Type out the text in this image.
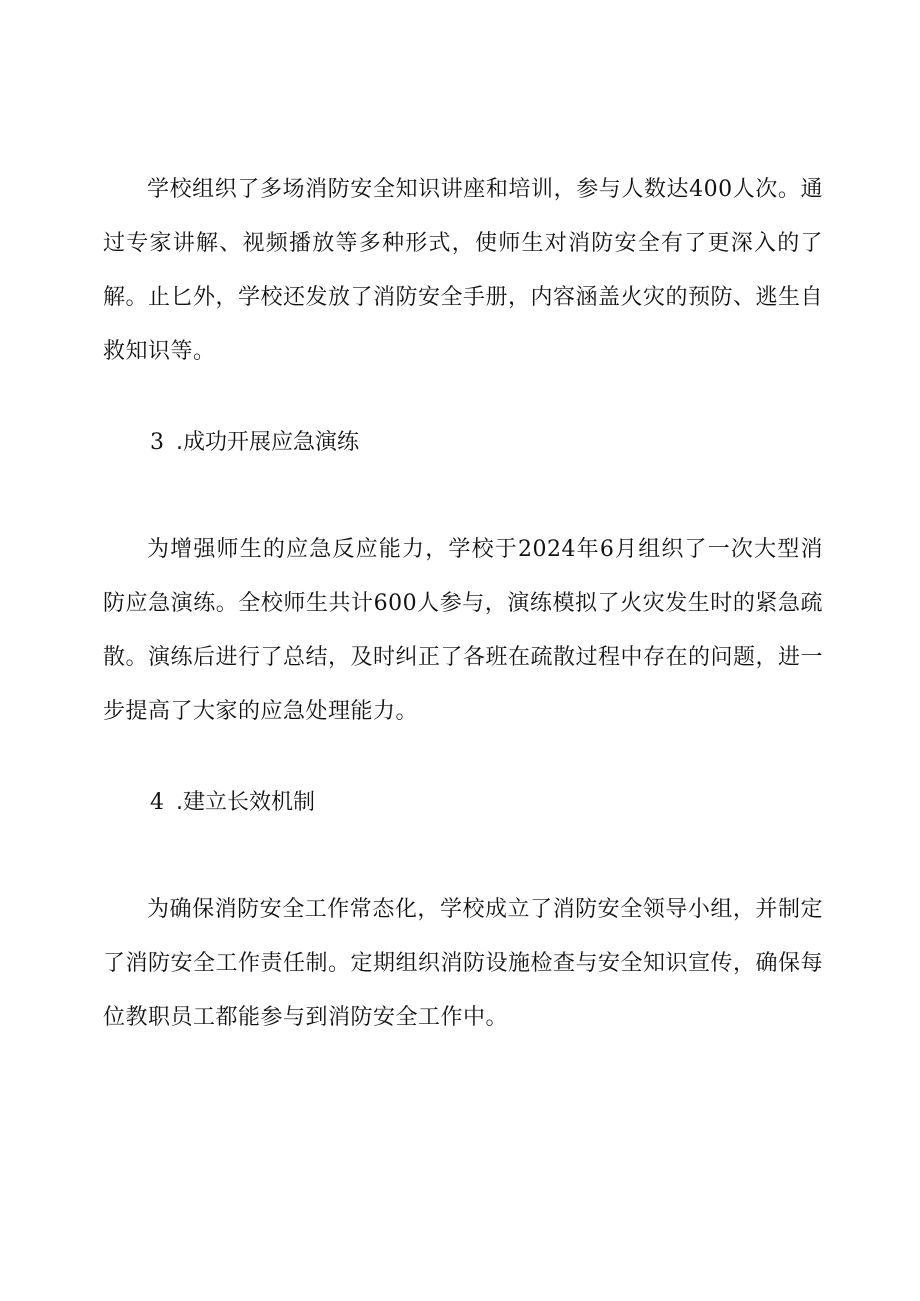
学校组织了多场消防安全知识讲座和培训，参与人数达400人次。通过专家讲解、视频播放等多种形式，使师生对消防安全有了更深入的了解。止匕外，学校还发放了消防安全手册，内容涵盖火灾的预防、逃生自救知识等。

3 .成功开展应急演练

为增强师生的应急反应能力，学校于2024年6月组织了一次大型消防应急演练。全校师生共计600人参与，演练模拟了火灾发生时的紧急疏散。演练后进行了总结，及时纠正了各班在疏散过程中存在的问题，进一步提高了大家的应急处理能力。

4 .建立长效机制

为确保消防安全工作常态化，学校成立了消防安全领导小组，并制定了消防安全工作责任制。定期组织消防设施检查与安全知识宣传，确保每位教职员工都能参与到消防安全工作中。
